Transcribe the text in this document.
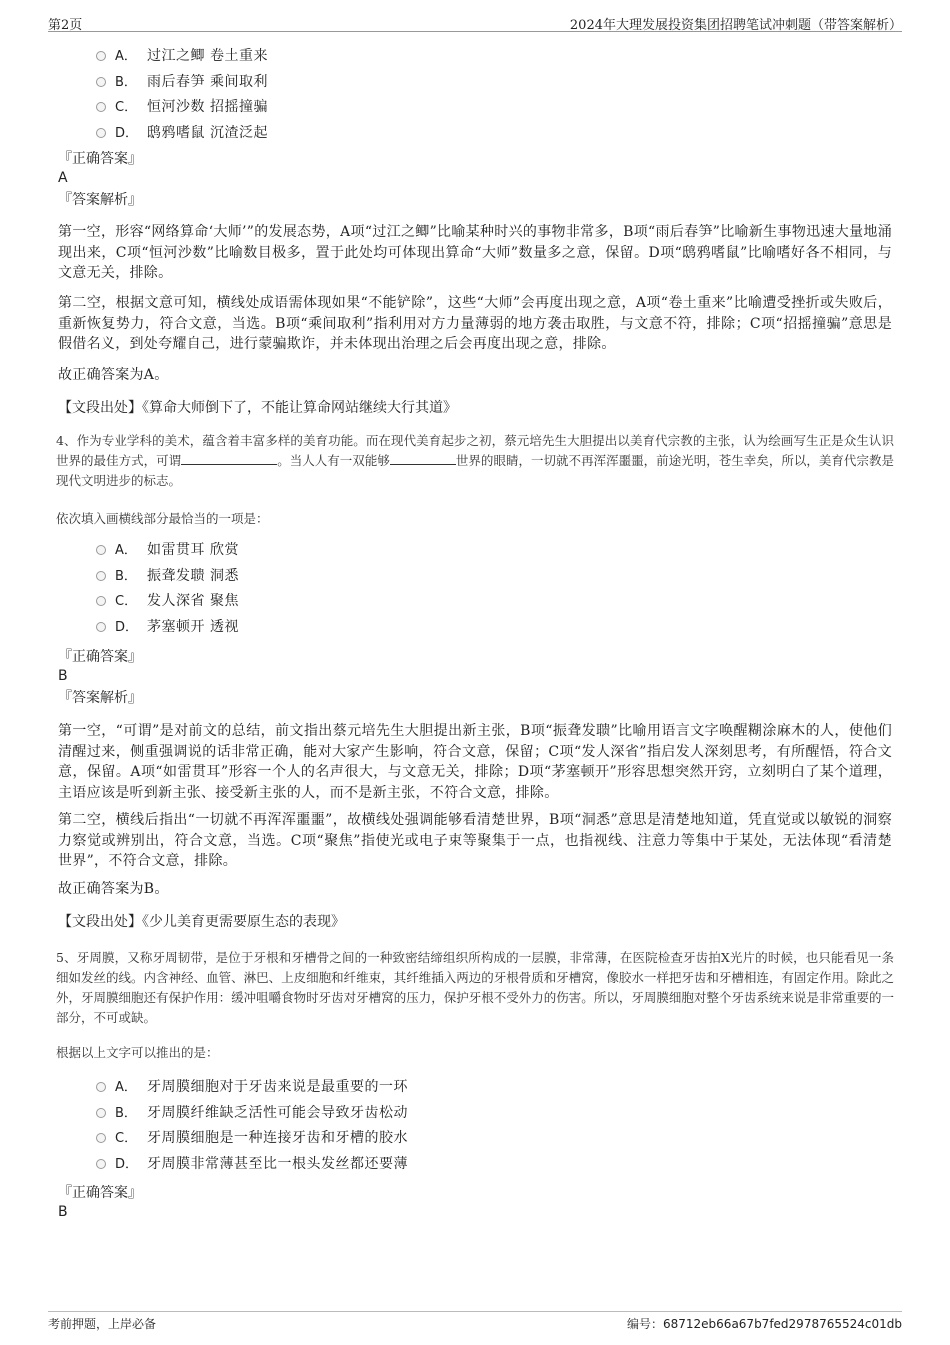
第2页	2024年大理发展投资集团招聘笔试冲刺题（带答案解析）
A． 过江之鲫 卷土重来
B． 雨后春笋 乘间取利
C． 恒河沙数 招摇撞骗
D． 鸱鸦嗜鼠 沉渣泛起
『正确答案』
A
『答案解析』
第一空，形容“网络算命‘大师’”的发展态势，A项“过江之鲫”比喻某种时兴的事物非常多，B项“雨后春笋”比喻新生事物迅速大量地涌现出来，C项“恒河沙数”比喻数目极多，置于此处均可体现出算命“大师”数量多之意，保留。D项“鸱鸦嗜鼠”比喻嗜好各不相同，与文意无关，排除。
第二空，根据文意可知，横线处成语需体现如果“不能铲除”，这些“大师”会再度出现之意，A项“卷土重来”比喻遭受挫折或失败后，重新恢复势力，符合文意，当选。B项“乘间取利”指利用对方力量薄弱的地方袭击取胜，与文意不符，排除；C项“招摇撞骗”意思是假借名义，到处夸耀自己，进行蒙骗欺诈，并未体现出治理之后会再度出现之意，排除。
故正确答案为A。
【文段出处】《算命大师倒下了，不能让算命网站继续大行其道》
4、作为专业学科的美术，蕴含着丰富多样的美育功能。而在现代美育起步之初，蔡元培先生大胆提出以美育代宗教的主张，认为绘画写生正是众生认识世界的最佳方式，可谓	。当人人有一双能够	世界的眼睛，一切就不再浑浑噩噩，前途光明，苍生幸矣，所以，美育代宗教是现代文明进步的标志。
依次填入画横线部分最恰当的一项是：
A． 如雷贯耳 欣赏
B． 振聋发聩 洞悉
C． 发人深省 聚焦
D． 茅塞顿开 透视
『正确答案』
B
『答案解析』
第一空，“可谓”是对前文的总结，前文指出蔡元培先生大胆提出新主张，B项“振聋发聩”比喻用语言文字唤醒糊涂麻木的人，使他们清醒过来，侧重强调说的话非常正确，能对大家产生影响，符合文意，保留；C项“发人深省”指启发人深刻思考，有所醒悟，符合文意，保留。A项“如雷贯耳”形容一个人的名声很大，与文意无关，排除；D项“茅塞顿开”形容思想突然开窍，立刻明白了某个道理，主语应该是听到新主张、接受新主张的人，而不是新主张，不符合文意，排除。
第二空，横线后指出“一切就不再浑浑噩噩”，故横线处强调能够看清楚世界，B项“洞悉”意思是清楚地知道，凭直觉或以敏锐的洞察力察觉或辨别出，符合文意，当选。C项“聚焦”指使光或电子束等聚集于一点，也指视线、注意力等集中于某处，无法体现“看清楚世界”，不符合文意，排除。
故正确答案为B。
【文段出处】《少儿美育更需要原生态的表现》
5、牙周膜，又称牙周韧带，是位于牙根和牙槽骨之间的一种致密结缔组织所构成的一层膜，非常薄，在医院检查牙齿拍X光片的时候，也只能看见一条细如发丝的线。内含神经、血管、淋巴、上皮细胞和纤维束，其纤维插入两边的牙根骨质和牙槽窝，像胶水一样把牙齿和牙槽相连，有固定作用。除此之外，牙周膜细胞还有保护作用：缓冲咀嚼食物时牙齿对牙槽窝的压力，保护牙根不受外力的伤害。所以，牙周膜细胞对整个牙齿系统来说是非常重要的一部分，不可或缺。
根据以上文字可以推出的是：
A． 牙周膜细胞对于牙齿来说是最重要的一环
B． 牙周膜纤维缺乏活性可能会导致牙齿松动
C． 牙周膜细胞是一种连接牙齿和牙槽的胶水
D． 牙周膜非常薄甚至比一根头发丝都还要薄
『正确答案』
B
考前押题，上岸必备	编号：68712eb66a67b7fed2978765524c01db
